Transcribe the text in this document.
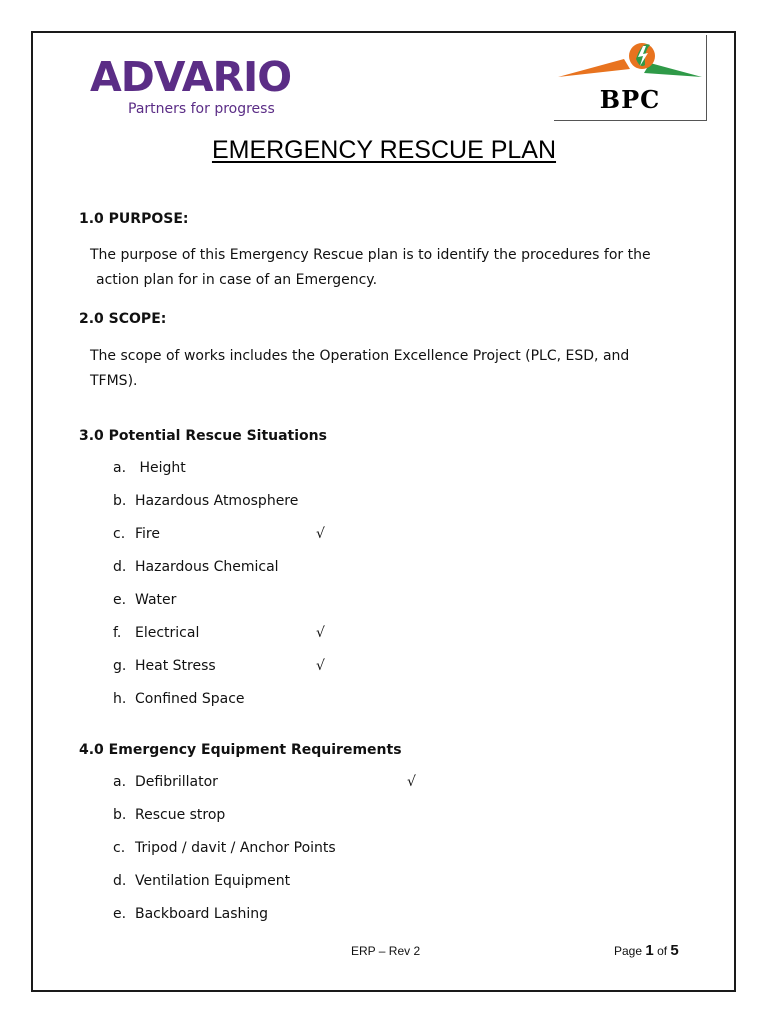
ADVARIO
Partners for progress	BPC
EMERGENCY RESCUE PLAN
1.0 PURPOSE:
The purpose of this Emergency Rescue plan is to identify the procedures for the
action plan for in case of an Emergency.
2.0 SCOPE:
The scope of works includes the Operation Excellence Project (PLC, ESD, and
TFMS).
3.0 Potential Rescue Situations
a. Height
b. Hazardous Atmosphere
c. Fire	√
d. Hazardous Chemical
e. Water
f. Electrical	√
g. Heat Stress	√
h. Confined Space
4.0 Emergency Equipment Requirements
a. Defibrillator	√
b. Rescue strop
c. Tripod / davit / Anchor Points
d. Ventilation Equipment
e. Backboard Lashing
ERP – Rev 2	Page 1 of 5
